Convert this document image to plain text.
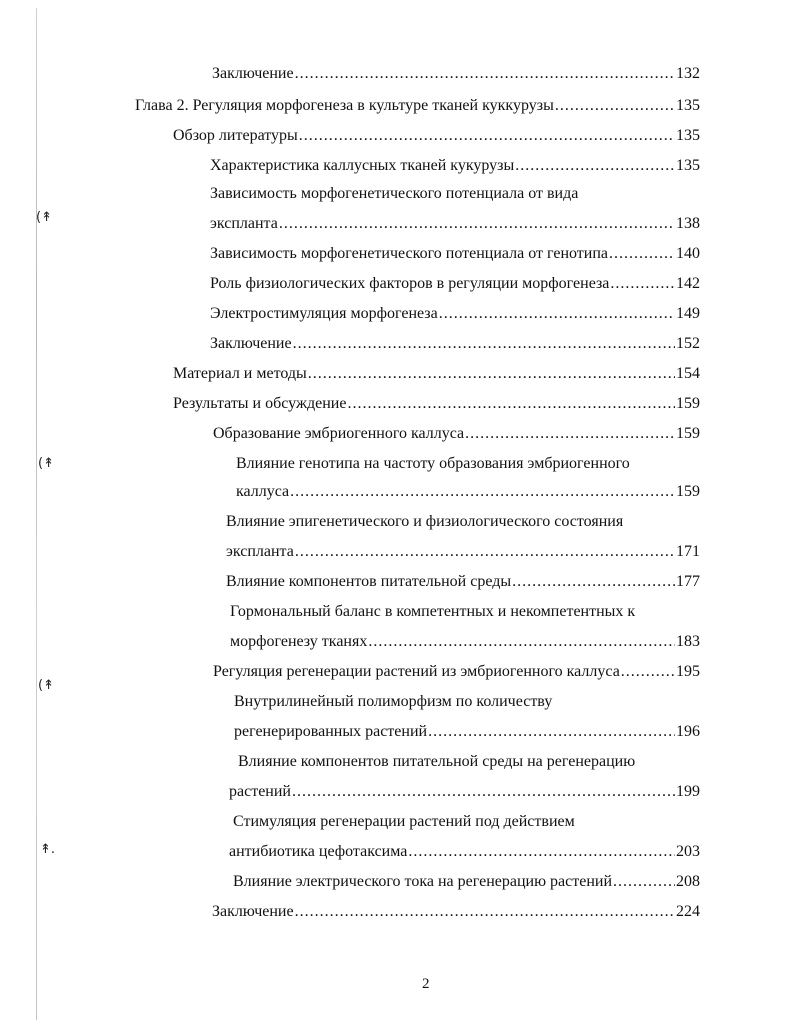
(↟
(↟
(↟
↟.
Заключение .....	132
Глава 2. Регуляция морфогенеза в культуре тканей куккурузы .....	135
Обзор литературы .....	135
Характеристика каллусных тканей кукурузы .....	135
Зависимость морфогенетического потенциала от вида
экспланта .....	138
Зависимость морфогенетического потенциала от генотипа .....	140
Роль физиологических факторов в регуляции морфогенеза .....	142
Электростимуляция морфогенеза .....	149
Заключение .....	152
Материал и методы .....	154
Результаты и обсуждение .....	159
Образование эмбриогенного каллуса .....	159
Влияние генотипа на частоту образования эмбриогенного
каллуса .....	159
Влияние эпигенетического и физиологического состояния
экспланта .....	171
Влияние компонентов питательной среды .....	177
Гормональный баланс в компетентных и некомпетентных к
морфогенезу тканях .....	183
Регуляция регенерации растений из эмбриогенного каллуса .....	195
Внутрилинейный полиморфизм по количеству
регенерированных растений .....	196
Влияние компонентов питательной среды на регенерацию
растений .....	199
Стимуляция регенерации растений под действием
антибиотика цефотаксима .....	203
Влияние электрического тока на регенерацию растений .....	208
Заключение .....	224
2
